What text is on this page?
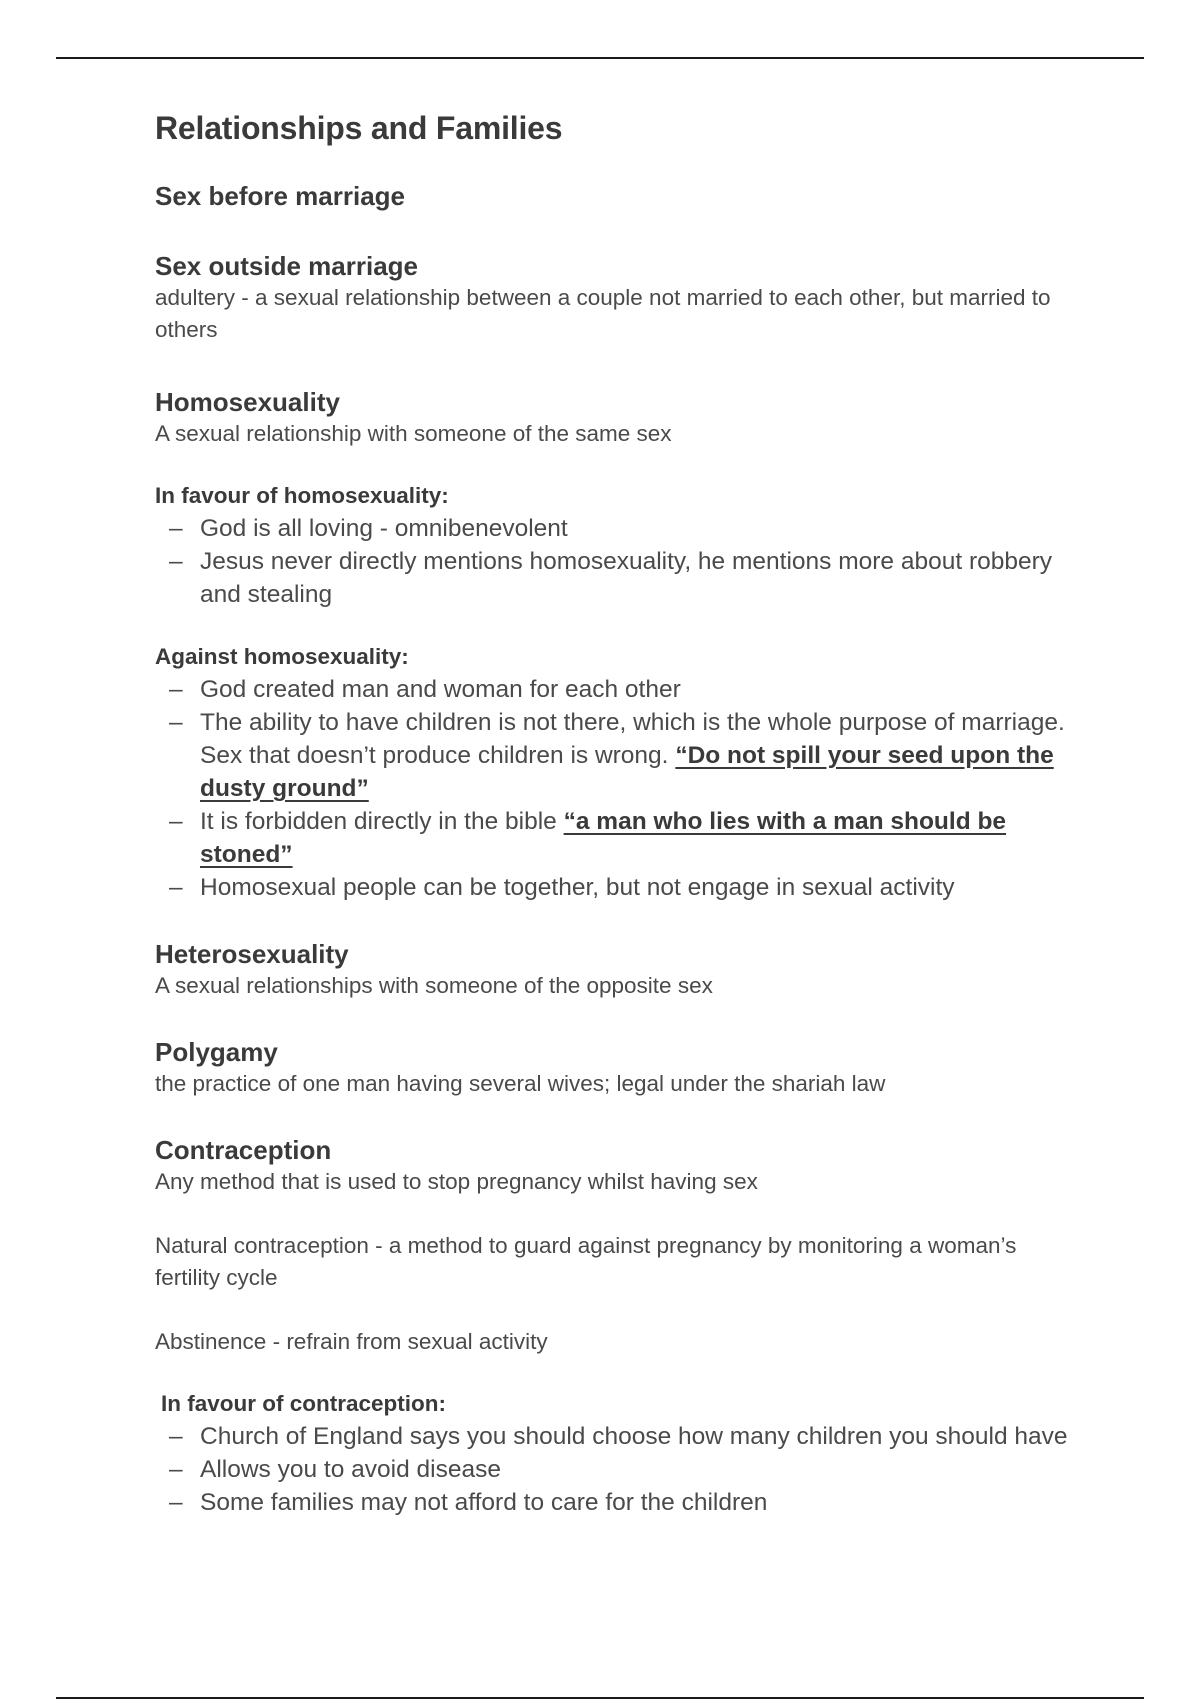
Relationships and Families
Sex before marriage
Sex outside marriage

adultery - a sexual relationship between a couple not married to each other, but married to others

Homosexuality

A sexual relationship with someone of the same sex

In favour of homosexuality:
– God is all loving - omnibenevolent
– Jesus never directly mentions homosexuality, he mentions more about robbery and stealing
Against homosexuality:
– God created man and woman for each other
– The ability to have children is not there, which is the whole purpose of marriage. Sex that doesn’t produce children is wrong. “Do not spill your seed upon the dusty ground”
– It is forbidden directly in the bible “a man who lies with a man should be stoned”
– Homosexual people can be together, but not engage in sexual activity
Heterosexuality

A sexual relationships with someone of the opposite sex

Polygamy

the practice of one man having several wives; legal under the shariah law

Contraception

Any method that is used to stop pregnancy whilst having sex

Natural contraception - a method to guard against pregnancy by monitoring a woman’s fertility cycle

Abstinence - refrain from sexual activity

In favour of contraception:
– Church of England says you should choose how many children you should have
– Allows you to avoid disease
– Some families may not afford to care for the children
